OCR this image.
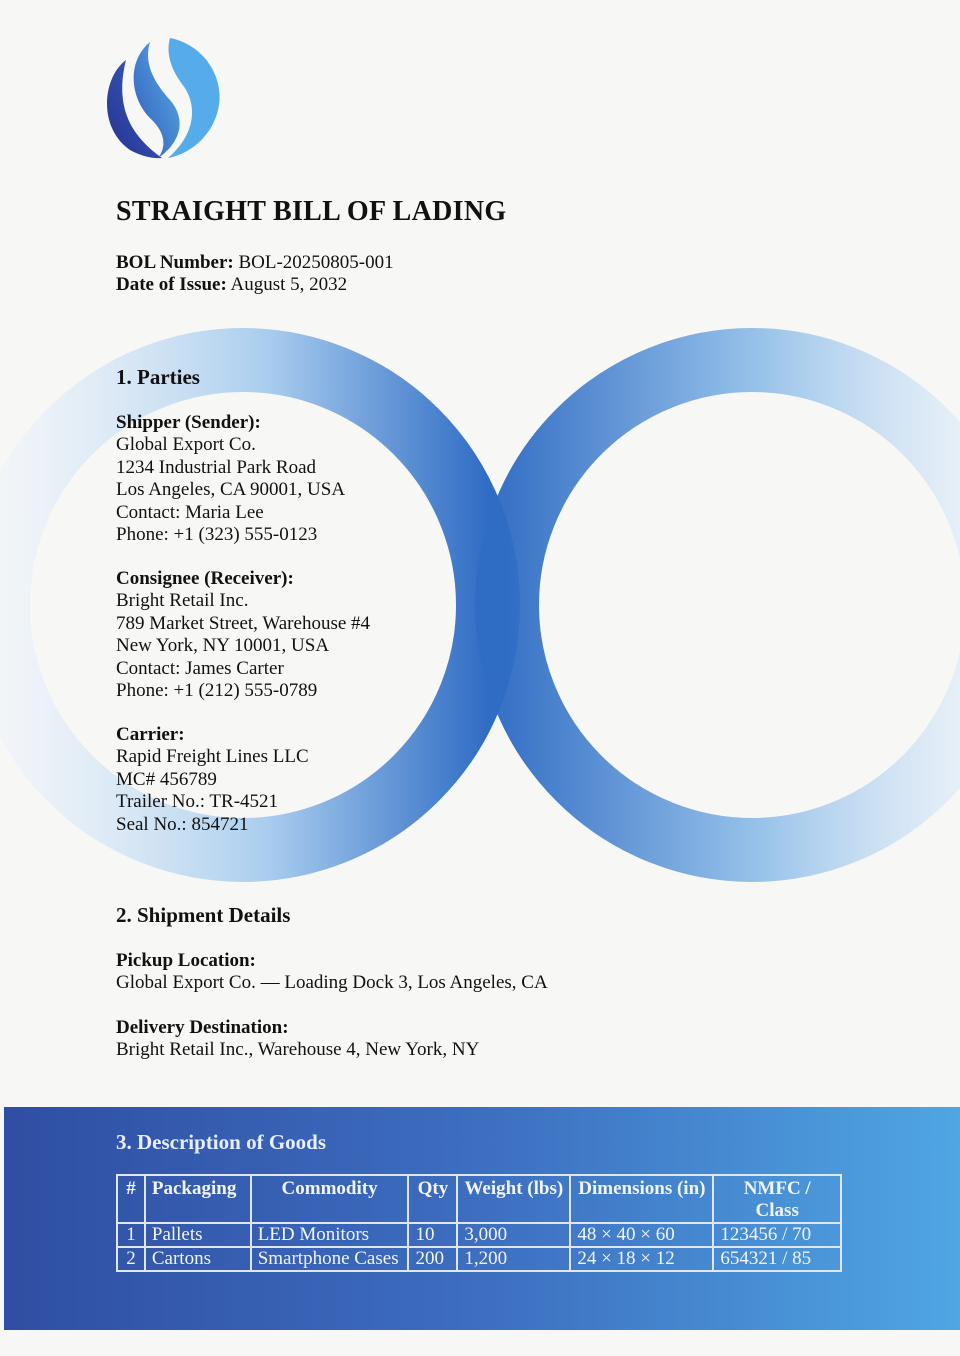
STRAIGHT BILL OF LADING
BOL Number: BOL-20250805-001
Date of Issue: August 5, 2032
1. Parties
Shipper (Sender):
Global Export Co.
1234 Industrial Park Road
Los Angeles, CA 90001, USA
Contact: Maria Lee
Phone: +1 (323) 555-0123
Consignee (Receiver):
Bright Retail Inc.
789 Market Street, Warehouse #4
New York, NY 10001, USA
Contact: James Carter
Phone: +1 (212) 555-0789
Carrier:
Rapid Freight Lines LLC
MC# 456789
Trailer No.: TR-4521
Seal No.: 854721
2. Shipment Details
Pickup Location:
Global Export Co. — Loading Dock 3, Los Angeles, CA
Delivery Destination:
Bright Retail Inc., Warehouse 4, New York, NY
3. Description of Goods
#	Packaging	Commodity	Qty	Weight (lbs)	Dimensions (in)	NMFC / Class
1	Pallets	LED Monitors	10	3,000	48 × 40 × 60	123456 / 70
2	Cartons	Smartphone Cases	200	1,200	24 × 18 × 12	654321 / 85
